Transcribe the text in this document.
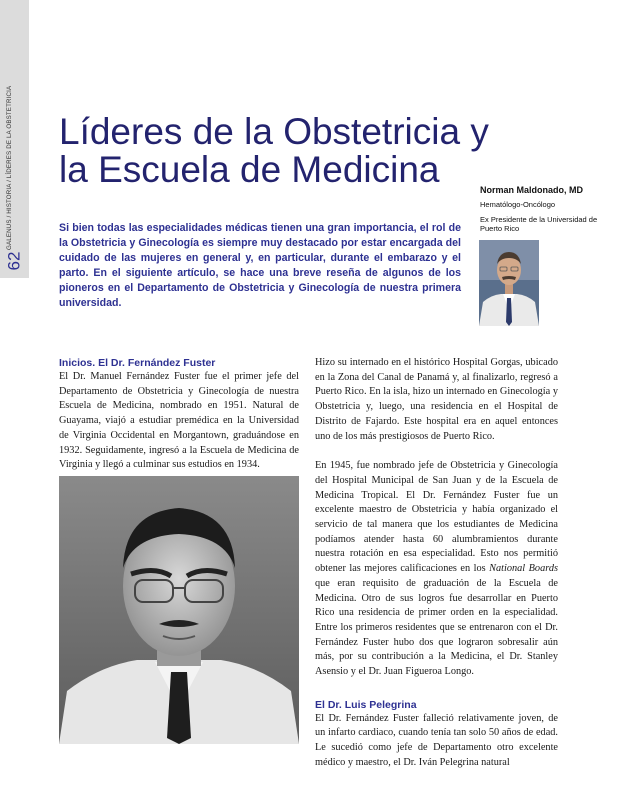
GALENUS / HISTORIA / LÍDERES DE LA OBSTETRICIA
62
Líderes de la Obstetricia y
la Escuela de Medicina	Norman Maldonado, MD
Hematólogo-Oncólogo
Ex Presidente de la Universidad de Puerto Rico

Si bien todas las especialidades médicas tienen una gran importancia, el rol de la Obstetricia y Ginecología es siempre muy destacado por estar encargada del cuidado de las mujeres en general y, en particular, durante el embarazo y el parto. En el siguiente artículo, se hace una breve reseña de algunos de los pioneros en el Departamento de Obstetricia y Ginecología de nuestra primera universidad.

Inicios. El Dr. Fernández Fuster

El Dr. Manuel Fernández Fuster fue el primer jefe del Departamento de Obstetricia y Ginecología de nuestra Escuela de Medicina, nombrado en 1951. Natural de Guayama, viajó a estudiar premédica en la Universidad de Virginia Occidental en Morgantown, graduándose en 1932. Seguidamente, ingresó a la Escuela de Medicina de Virginia y llegó a culminar sus estudios en 1934.

Hizo su internado en el histórico Hospital Gorgas, ubicado en la Zona del Canal de Panamá y, al finalizarlo, regresó a Puerto Rico. En la isla, hizo un internado en Ginecología y Obstetricia y, luego, una residencia en el Hospital de Distrito de Fajardo. Este hospital era en aquel entonces uno de los más prestigiosos de Puerto Rico.

En 1945, fue nombrado jefe de Obstetricia y Ginecología del Hospital Municipal de San Juan y de la Escuela de Medicina Tropical. El Dr. Fernández Fuster fue un excelente maestro de Obstetricia y había organizado el servicio de tal manera que los estudiantes de Medicina podíamos atender hasta 60 alumbramientos durante nuestra rotación en esa especialidad. Esto nos permitió obtener las mejores calificaciones en los National Boards que eran requisito de graduación de la Escuela de Medicina. Otro de sus logros fue desarrollar en Puerto Rico una residencia de primer orden en la especialidad. Entre los primeros residentes que se entrenaron con el Dr. Fernández Fuster hubo dos que lograron sobresalir aún más, por su contribución a la Medicina, el Dr. Stanley Asensio y el Dr. Juan Figueroa Longo.

El Dr. Luis Pelegrina

El Dr. Fernández Fuster falleció relativamente joven, de un infarto cardiaco, cuando tenía tan solo 50 años de edad. Le sucedió como jefe de Departamento otro excelente médico y maestro, el Dr. Iván Pelegrina natural
